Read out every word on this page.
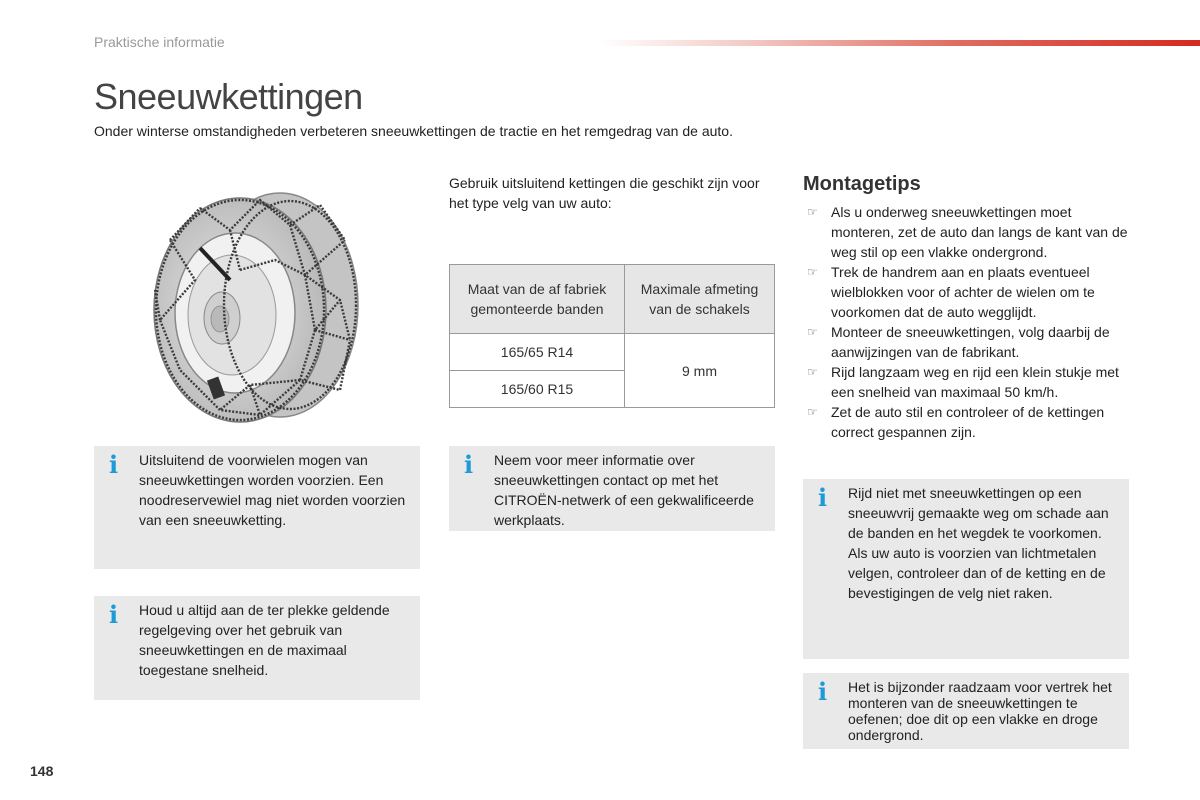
Praktische informatie
Sneeuwkettingen
Onder winterse omstandigheden verbeteren sneeuwkettingen de tractie en het remgedrag van de auto.
Gebruik uitsluitend kettingen die geschikt zijn voor het type velg van uw auto:
Maat van de af fabriek gemonteerde banden	Maximale afmeting van de schakels
165/65 R14	9 mm
165/60 R15	
i	Uitsluitend de voorwielen mogen van sneeuwkettingen worden voorzien. Een noodreservewiel mag niet worden voorzien van een sneeuwketting.
i	Houd u altijd aan de ter plekke geldende regelgeving over het gebruik van sneeuwkettingen en de maximaal toegestane snelheid.
i	Neem voor meer informatie over sneeuwkettingen contact op met het CITROËN-netwerk of een gekwalificeerde werkplaats.
Montagetips
☞ Als u onderweg sneeuwkettingen moet monteren, zet de auto dan langs de kant van de weg stil op een vlakke ondergrond.
☞ Trek de handrem aan en plaats eventueel wielblokken voor of achter de wielen om te voorkomen dat de auto wegglijdt.
☞ Monteer de sneeuwkettingen, volg daarbij de aanwijzingen van de fabrikant.
☞ Rijd langzaam weg en rijd een klein stukje met een snelheid van maximaal 50 km/h.
☞ Zet de auto stil en controleer of de kettingen correct gespannen zijn.
i	Rijd niet met sneeuwkettingen op een sneeuwvrij gemaakte weg om schade aan de banden en het wegdek te voorkomen. Als uw auto is voorzien van lichtmetalen velgen, controleer dan of de ketting en de bevestigingen de velg niet raken.
i	Het is bijzonder raadzaam voor vertrek het monteren van de sneeuwkettingen te oefenen; doe dit op een vlakke en droge ondergrond.
148
